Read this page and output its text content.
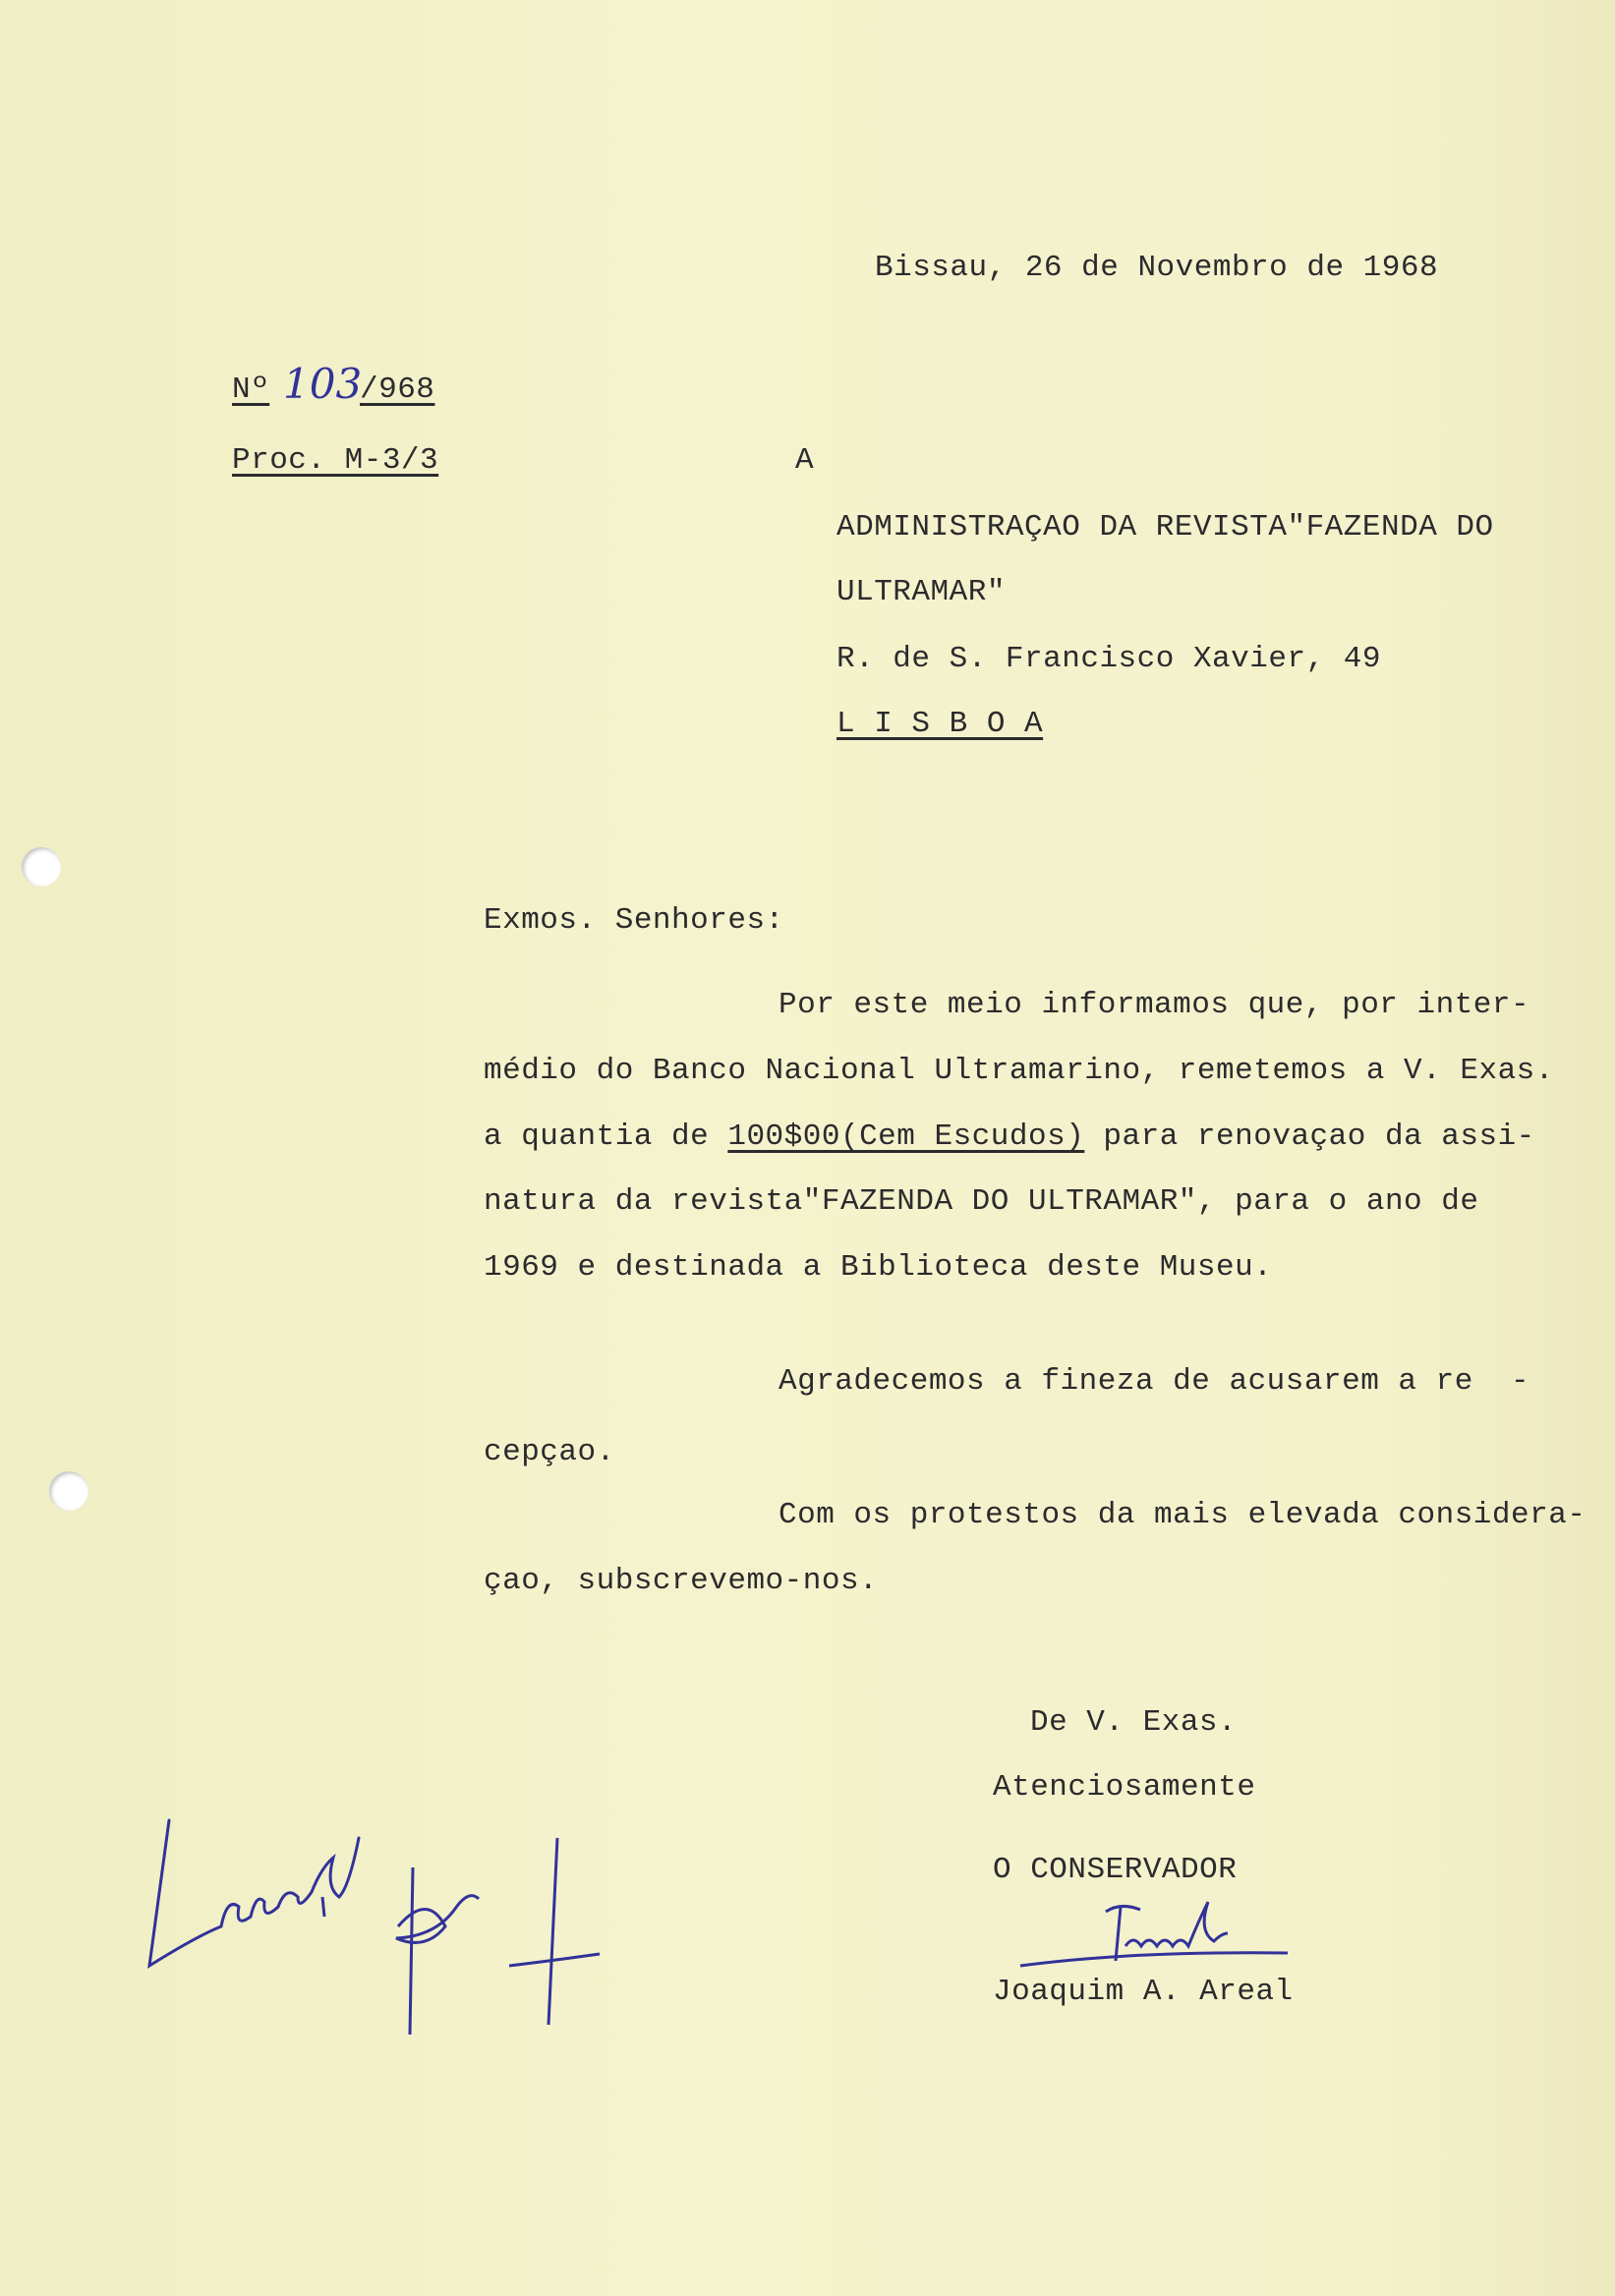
Bissau, 26 de Novembro de 1968
Nº 103
/968
Proc. M-3/3	A
ADMINISTRAÇAO DA REVISTA"FAZENDA DO
ULTRAMAR"
R. de S. Francisco Xavier, 49
L I S B O A
Exmos. Senhores:
Por este meio informamos que, por inter-
médio do Banco Nacional Ultramarino, remetemos a V. Exas.
a quantia de 100$00(Cem Escudos) para renovaçao da assi-
natura da revista"FAZENDA DO ULTRAMAR", para o ano de
1969 e destinada a Biblioteca deste Museu.
Agradecemos a fineza de acusarem a re  -
cepçao.
Com os protestos da mais elevada considera-
çao, subscrevemo-nos.
De V. Exas.
Atenciosamente
O CONSERVADOR
Joaquim A. Areal
